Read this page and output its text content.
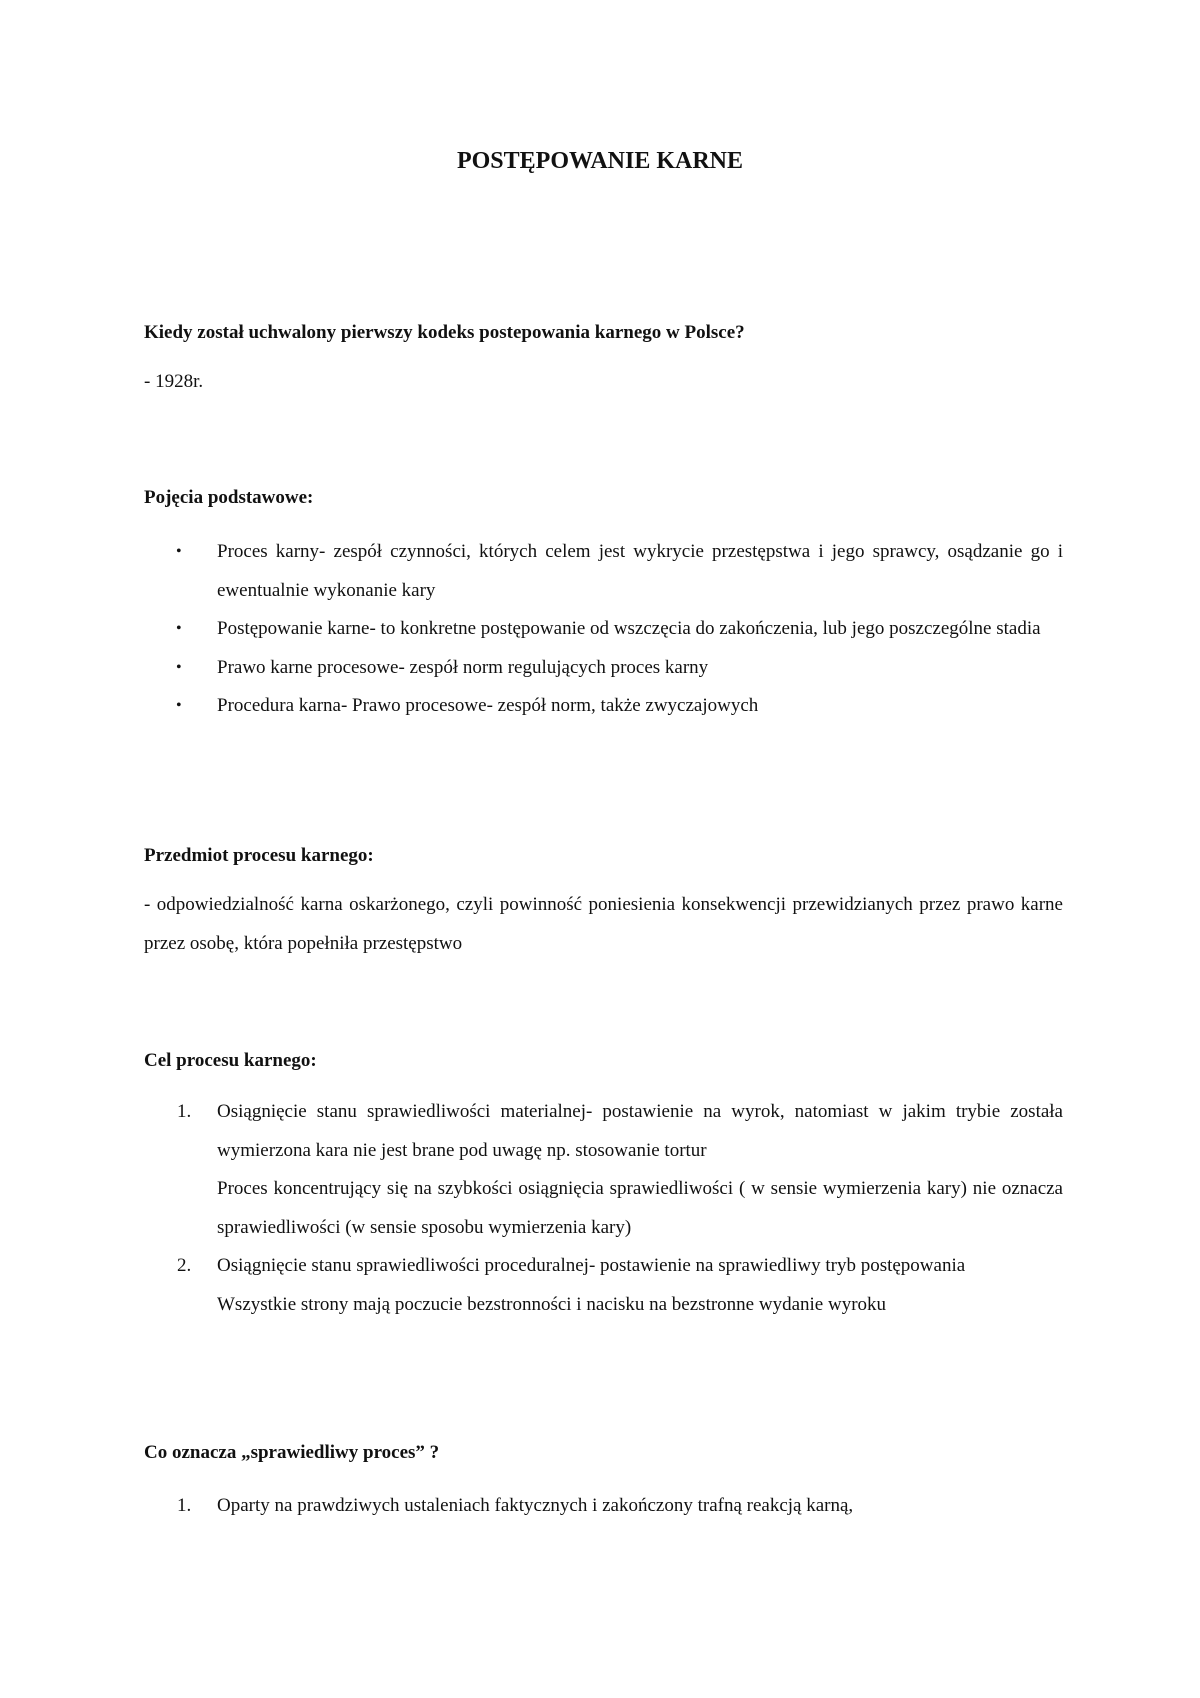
POSTĘPOWANIE KARNE

Kiedy został uchwalony pierwszy kodeks postepowania karnego w Polsce?

- 1928r.

Pojęcia podstawowe:

• Proces karny- zespół czynności, których celem jest wykrycie przestępstwa i jego sprawcy, osądzanie go i ewentualnie wykonanie kary
• Postępowanie karne- to konkretne postępowanie od wszczęcia do zakończenia, lub jego poszczególne stadia
• Prawo karne procesowe- zespół norm regulujących proces karny
• Procedura karna- Prawo procesowe- zespół norm, także zwyczajowych

Przedmiot procesu karnego:

- odpowiedzialność karna oskarżonego, czyli powinność poniesienia konsekwencji przewidzianych przez prawo karne przez osobę, która popełniła przestępstwo

Cel procesu karnego:

1. Osiągnięcie stanu sprawiedliwości materialnej- postawienie na wyrok, natomiast w jakim trybie została wymierzona kara nie jest brane pod uwagę np. stosowanie tortur
Proces koncentrujący się na szybkości osiągnięcia sprawiedliwości ( w sensie wymierzenia kary) nie oznacza sprawiedliwości (w sensie sposobu wymierzenia kary)
2. Osiągnięcie stanu sprawiedliwości proceduralnej- postawienie na sprawiedliwy tryb postępowania
Wszystkie strony mają poczucie bezstronności i nacisku na bezstronne wydanie wyroku

Co oznacza „sprawiedliwy proces” ?

1. Oparty na prawdziwych ustaleniach faktycznych i zakończony trafną reakcją karną,
